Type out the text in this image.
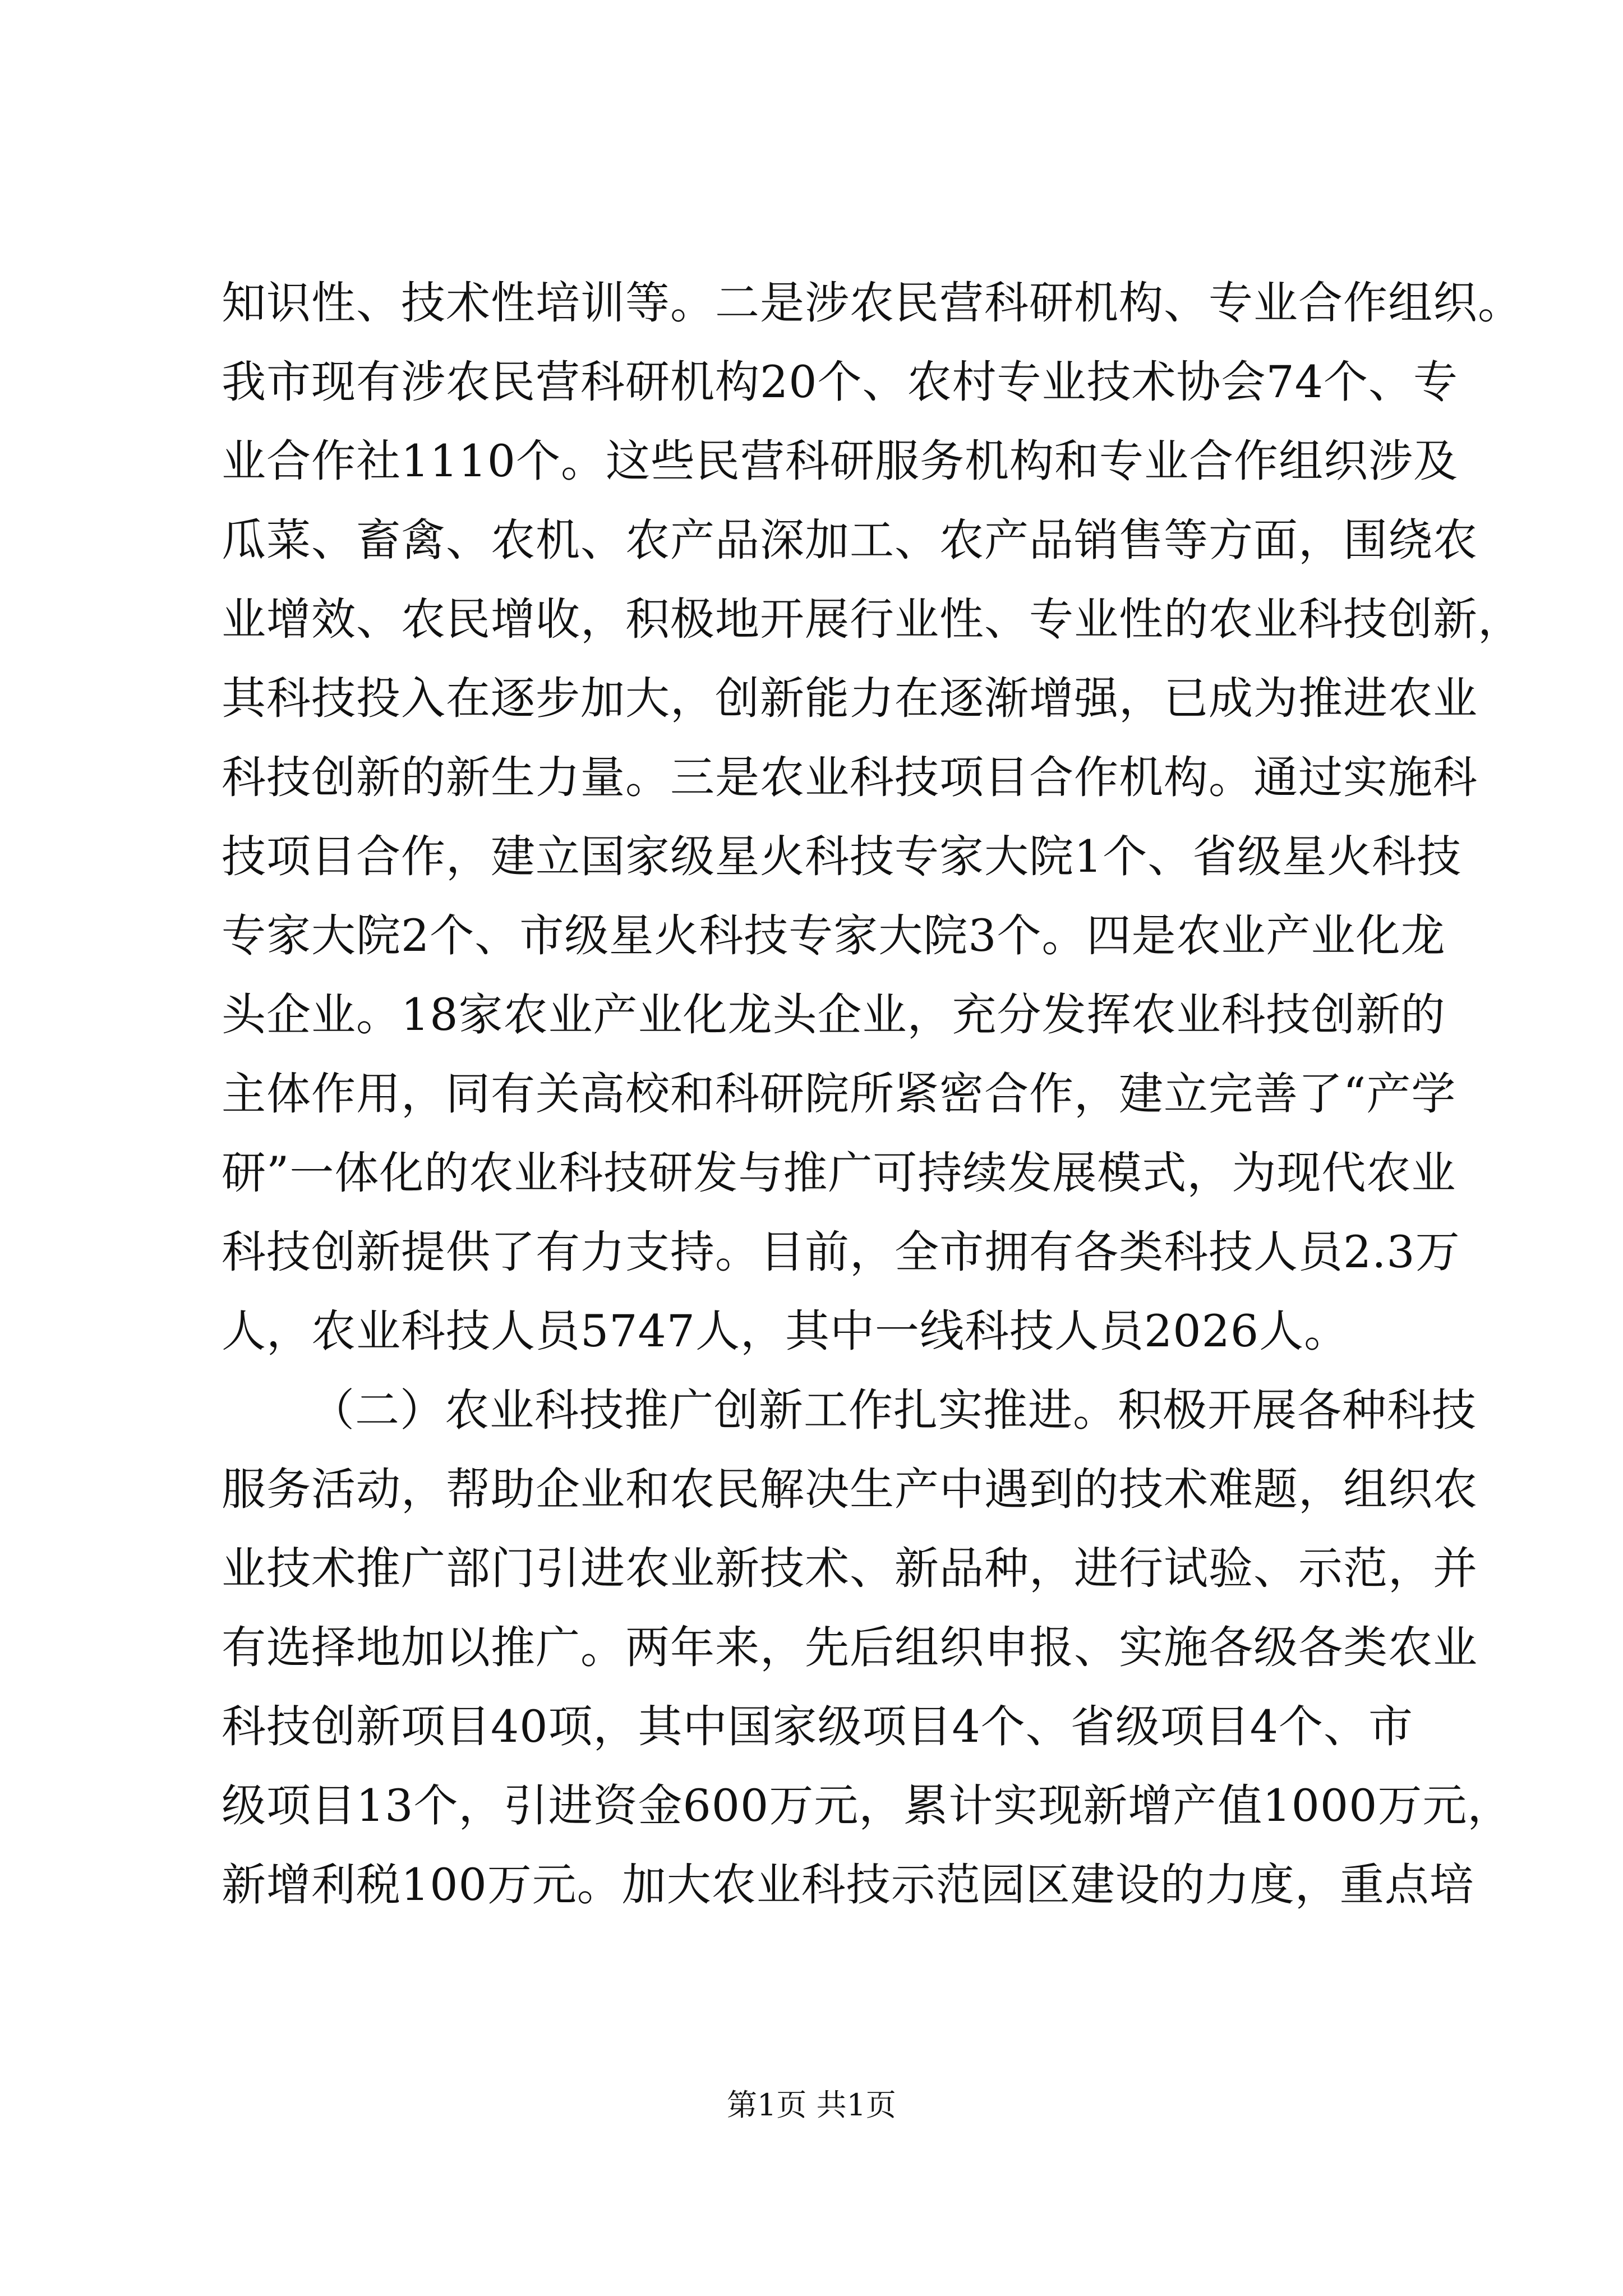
知识性、技术性培训等。二是涉农民营科研机构、专业合作组织。
我市现有涉农民营科研机构20个、农村专业技术协会74个、专
业合作社1110个。这些民营科研服务机构和专业合作组织涉及
瓜菜、畜禽、农机、农产品深加工、农产品销售等方面，围绕农
业增效、农民增收，积极地开展行业性、专业性的农业科技创新，
其科技投入在逐步加大，创新能力在逐渐增强，已成为推进农业
科技创新的新生力量。三是农业科技项目合作机构。通过实施科
技项目合作，建立国家级星火科技专家大院1个、省级星火科技
专家大院2个、市级星火科技专家大院3个。四是农业产业化龙
头企业。18家农业产业化龙头企业，充分发挥农业科技创新的
主体作用，同有关高校和科研院所紧密合作，建立完善了“产学
研”一体化的农业科技研发与推广可持续发展模式，为现代农业
科技创新提供了有力支持。目前，全市拥有各类科技人员2.3万
人，农业科技人员5747人，其中一线科技人员2026人。
（二）农业科技推广创新工作扎实推进。积极开展各种科技
服务活动，帮助企业和农民解决生产中遇到的技术难题，组织农
业技术推广部门引进农业新技术、新品种，进行试验、示范，并
有选择地加以推广。两年来，先后组织申报、实施各级各类农业
科技创新项目40项，其中国家级项目4个、省级项目4个、市
级项目13个，引进资金600万元，累计实现新增产值1000万元，
新增利税100万元。加大农业科技示范园区建设的力度，重点培
第1页 共1页
